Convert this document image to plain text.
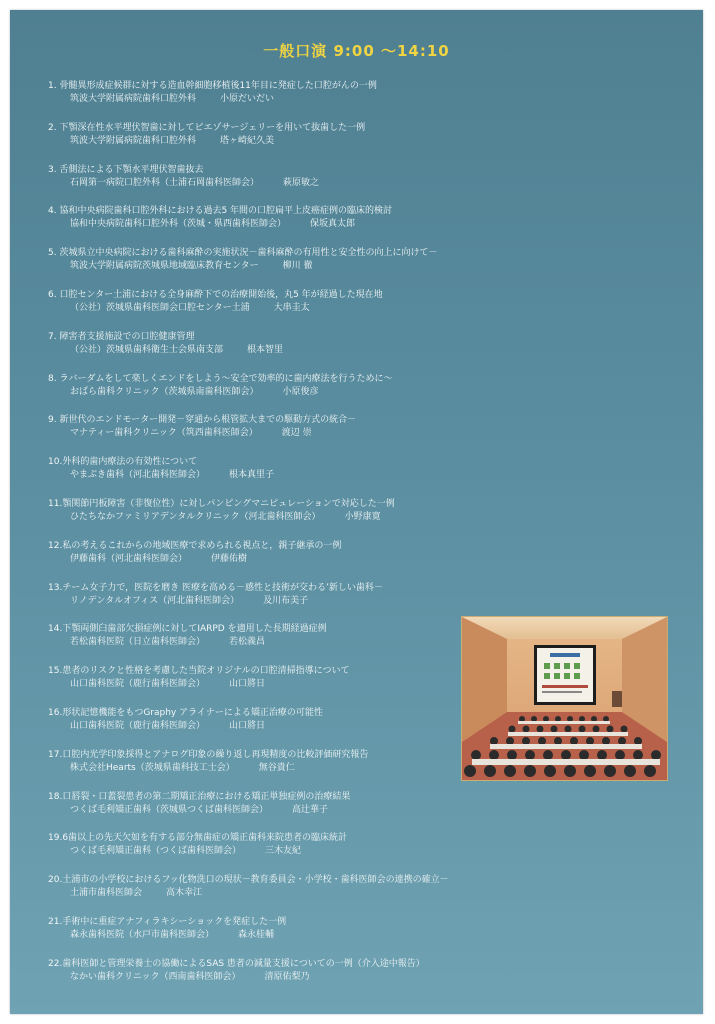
一般口演 9:00 ～14:10
1. 骨髄異形成症候群に対する造血幹細胞移植後11年目に発症した口腔がんの一例
筑波大学附属病院歯科口腔外科	小原だいだい
2. 下顎深在性水平埋伏智歯に対してピエゾサージェリーを用いて抜歯した一例
筑波大学附属病院歯科口腔外科	塔ヶ崎紀久美
3. 舌側法による下顎水平埋伏智歯抜去
石岡第一病院口腔外科（土浦石岡歯科医師会）	萩原敏之
4. 協和中央病院歯科口腔外科における過去5 年間の口腔扁平上皮癌症例の臨床的検討
協和中央病院歯科口腔外科（茨城・県西歯科医師会）	保坂真太郎
5. 茨城県立中央病院における歯科麻酔の実施状況－歯科麻酔の有用性と安全性の向上に向けて－
筑波大学附属病院茨城県地域臨床教育センター	柳川 徹
6. 口腔センター土浦における全身麻酔下での治療開始後，丸5 年が経過した現在地
（公社）茨城県歯科医師会口腔センター土浦	大串圭太
7. 障害者支援施設での口腔健康管理
（公社）茨城県歯科衛生士会県南支部	根本智里
8. ラバーダムをして楽しくエンドをしよう～安全で効率的に歯内療法を行うために～
おばら歯科クリニック（茨城県南歯科医師会）	小原俊彦
9. 新世代のエンドモーター開発－穿通から根管拡大までの駆動方式の統合－
マナティー歯科クリニック（筑西歯科医師会）	渡辺 崇
10.外科的歯内療法の有効性について
やまぶき歯科（河北歯科医師会）	根本真里子
11.顎関節円板障害（非復位性）に対しパンピングマニピュレーションで対応した一例
ひたちなかファミリアデンタルクリニック（河北歯科医師会）	小野康寛
12.私の考えるこれからの地域医療で求められる視点と，親子継承の一例
伊藤歯科（河北歯科医師会）	伊藤佑樹
13.チーム女子力で，医院を磨き 医療を高める－感性と技術が交わる’新しい歯科－
リノデンタルオフィス（河北歯科医師会）	及川布美子
14.下顎両側臼歯部欠損症例に対してIARPD を適用した長期経過症例
若松歯科医院（日立歯科医師会）	若松義昌
15.患者のリスクと性格を考慮した当院オリジナルの口腔清掃指導について
山口歯科医院（鹿行歯科医師会）	山口將日
16.形状記憶機能をもつGraphy アライナーによる矯正治療の可能性
山口歯科医院（鹿行歯科医師会）	山口將日
17.口腔内光学印象採得とアナログ印象の繰り返し再現精度の比較評価研究報告
株式会社Hearts（茨城県歯科技工士会）	無谷貴仁
18.口唇裂・口蓋裂患者の第二期矯正治療における矯正単独症例の治療結果
つくば毛利矯正歯科（茨城県つくば歯科医師会）	高辻華子
19.6歯以上の先天欠如を有する部分無歯症の矯正歯科来院患者の臨床統計
つくば毛利矯正歯科（つくば歯科医師会）	三木友紀
20.土浦市の小学校におけるフッ化物洗口の現状－教育委員会・小学校・歯科医師会の連携の確立－
土浦市歯科医師会	高木幸江
21.手術中に重症アナフィラキシーショックを発症した一例
森永歯科医院（水戸市歯科医師会）	森永桂輔
22.歯科医師と管理栄養士の協働によるSAS 患者の減量支援についての一例（介入途中報告）
なかい歯科クリニック（西南歯科医師会）	清原佑梨乃
